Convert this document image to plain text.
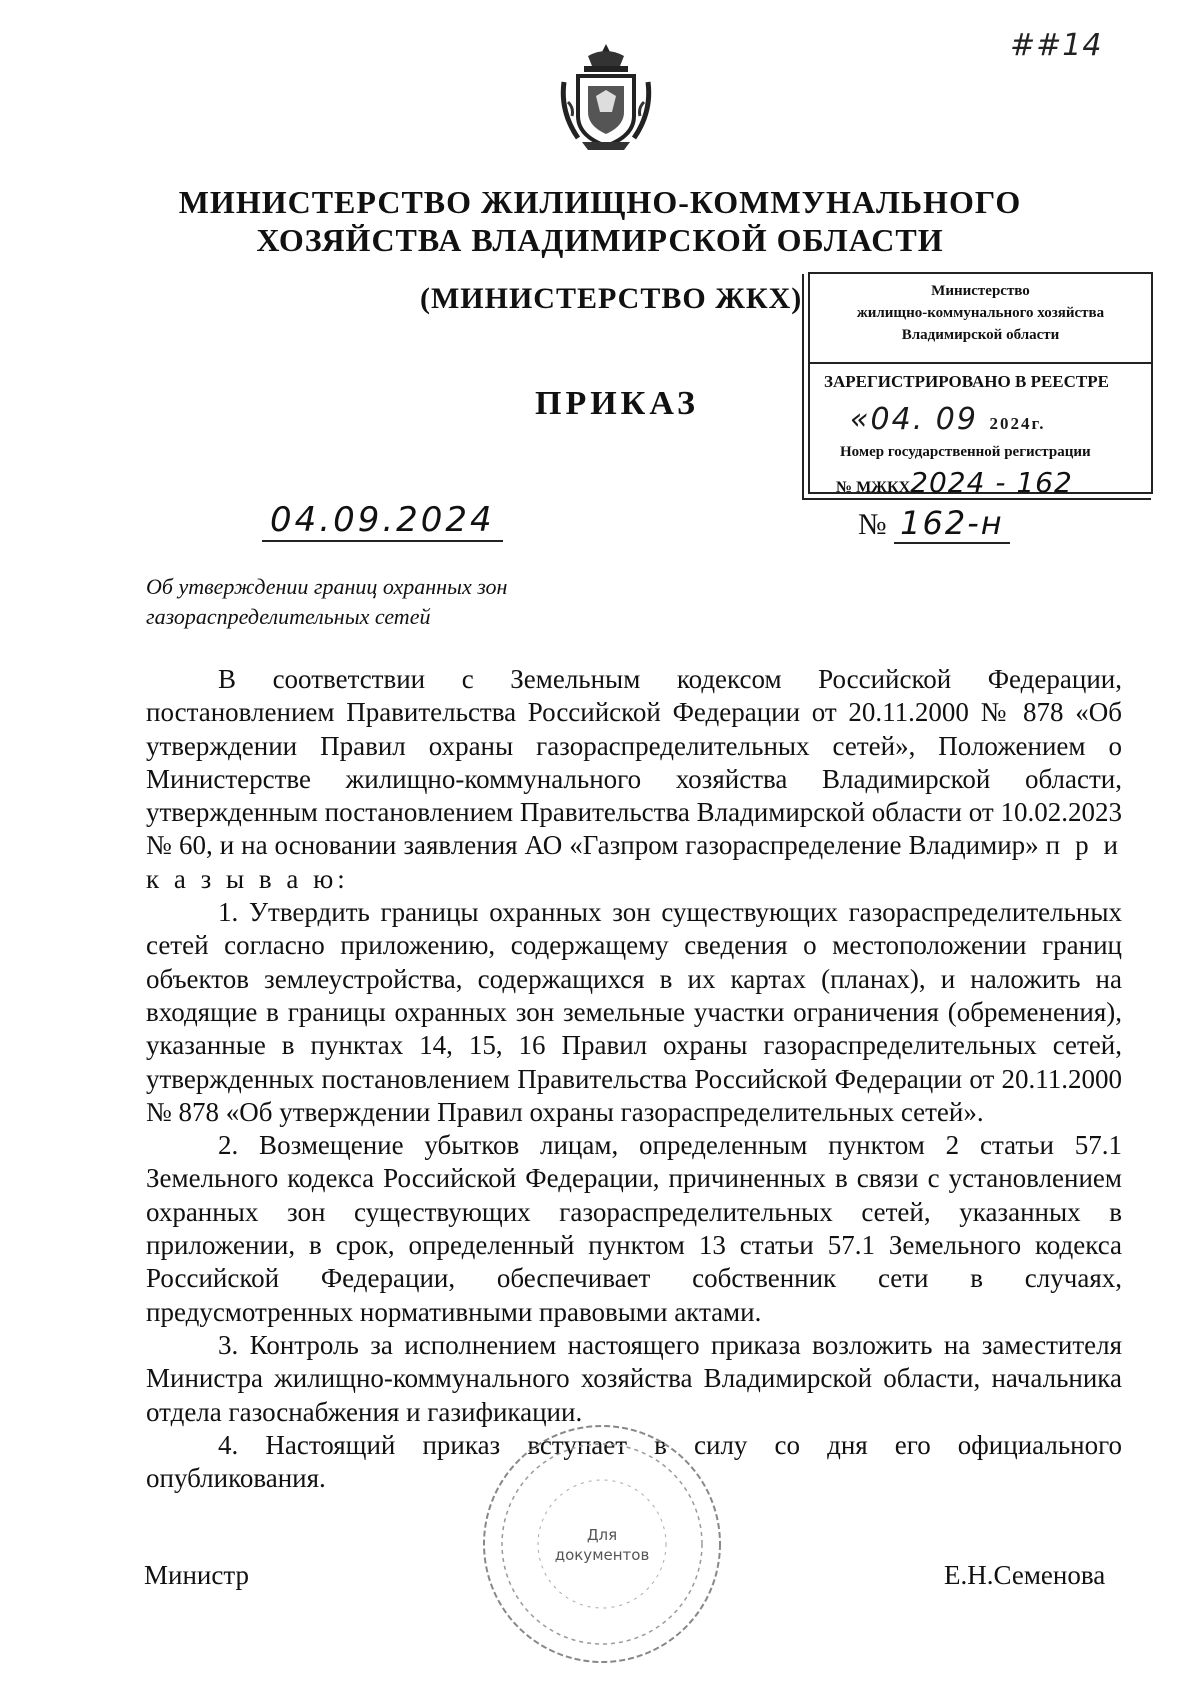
##14
МИНИСТЕРСТВО ЖИЛИЩНО-КОММУНАЛЬНОГО
ХОЗЯЙСТВА ВЛАДИМИРСКОЙ ОБЛАСТИ
(МИНИСТЕРСТВО ЖКХ)
ПРИКАЗ
Министерство
жилищно-коммунального хозяйства
Владимирской области
ЗАРЕГИСТРИРОВАНО В РЕЕСТРЕ
«04. 09 2024г.
Номер государственной регистрации
№ МЖКХ2024 - 162
04.09.2024	№ 162-н
Об утверждении границ охранных зон
газораспределительных сетей

В соответствии с Земельным кодексом Российской Федерации, постановлением Правительства Российской Федерации от 20.11.2000 № 878 «Об утверждении Правил охраны газораспределительных сетей», Положением о Министерстве жилищно-коммунального хозяйства Владимирской области, утвержденным постановлением Правительства Владимирской области от 10.02.2023 № 60, и на основании заявления АО «Газпром газораспределение Владимир» п р и к а з ы в а ю:

1. Утвердить границы охранных зон существующих газораспределительных сетей согласно приложению, содержащему сведения о местоположении границ объектов землеустройства, содержащихся в их картах (планах), и наложить на входящие в границы охранных зон земельные участки ограничения (обременения), указанные в пунктах 14, 15, 16 Правил охраны газораспределительных сетей, утвержденных постановлением Правительства Российской Федерации от 20.11.2000 № 878 «Об утверждении Правил охраны газораспределительных сетей».

2. Возмещение убытков лицам, определенным пунктом 2 статьи 57.1 Земельного кодекса Российской Федерации, причиненных в связи с установлением охранных зон существующих газораспределительных сетей, указанных в приложении, в срок, определенный пунктом 13 статьи 57.1 Земельного кодекса Российской Федерации, обеспечивает собственник сети в случаях, предусмотренных нормативными правовыми актами.

3. Контроль за исполнением настоящего приказа возложить на заместителя Министра жилищно-коммунального хозяйства Владимирской области, начальника отдела газоснабжения и газификации.

4. Настоящий приказ вступает в силу со дня его официального опубликования.

Для
документов
Министр	Е.Н.Семенова
